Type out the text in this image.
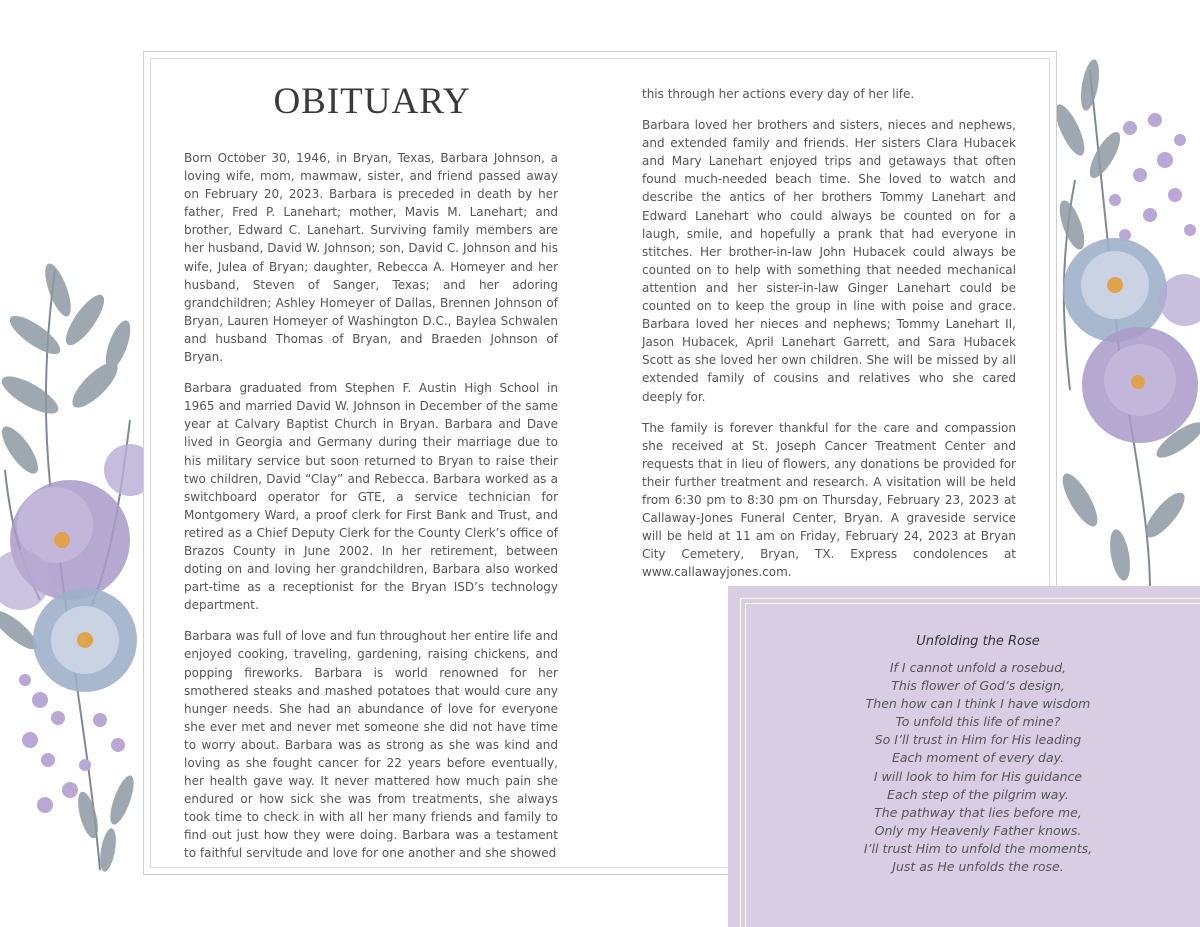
OBITUARY

Born October 30, 1946, in Bryan, Texas, Barbara Johnson, a loving wife, mom, mawmaw, sister, and friend passed away on February 20, 2023. Barbara is preceded in death by her father, Fred P. Lanehart; mother, Mavis M. Lanehart; and brother, Edward C. Lanehart. Surviving family members are her husband, David W. Johnson; son, David C. Johnson and his wife, Julea of Bryan; daughter, Rebecca A. Homeyer and her husband, Steven of Sanger, Texas; and her adoring grandchildren; Ashley Homeyer of Dallas, Brennen Johnson of Bryan, Lauren Homeyer of Washington D.C., Baylea Schwalen and husband Thomas of Bryan, and Braeden Johnson of Bryan.

Barbara graduated from Stephen F. Austin High School in 1965 and married David W. Johnson in December of the same year at Calvary Baptist Church in Bryan. Barbara and Dave lived in Georgia and Germany during their marriage due to his military service but soon returned to Bryan to raise their two children, David “Clay” and Rebecca. Barbara worked as a switchboard operator for GTE, a service technician for Montgomery Ward, a proof clerk for First Bank and Trust, and retired as a Chief Deputy Clerk for the County Clerk’s office of Brazos County in June 2002. In her retirement, between doting on and loving her grandchildren, Barbara also worked part-time as a receptionist for the Bryan ISD’s technology department.

Barbara was full of love and fun throughout her entire life and enjoyed cooking, traveling, gardening, raising chickens, and popping fireworks. Barbara is world renowned for her smothered steaks and mashed potatoes that would cure any hunger needs. She had an abundance of love for everyone she ever met and never met someone she did not have time to worry about. Barbara was as strong as she was kind and loving as she fought cancer for 22 years before eventually, her health gave way. It never mattered how much pain she endured or how sick she was from treatments, she always took time to check in with all her many friends and family to find out just how they were doing. Barbara was a testament to faithful servitude and love for one another and she showed

this through her actions every day of her life.

Barbara loved her brothers and sisters, nieces and nephews, and extended family and friends. Her sisters Clara Hubacek and Mary Lanehart enjoyed trips and getaways that often found much-needed beach time. She loved to watch and describe the antics of her brothers Tommy Lanehart and Edward Lanehart who could always be counted on for a laugh, smile, and hopefully a prank that had everyone in stitches. Her brother-in-law John Hubacek could always be counted on to help with something that needed mechanical attention and her sister-in-law Ginger Lanehart could be counted on to keep the group in line with poise and grace. Barbara loved her nieces and nephews; Tommy Lanehart II, Jason Hubacek, April Lanehart Garrett, and Sara Hubacek Scott as she loved her own children. She will be missed by all extended family of cousins and relatives who she cared deeply for.

The family is forever thankful for the care and compassion she received at St. Joseph Cancer Treatment Center and requests that in lieu of flowers, any donations be provided for their further treatment and research. A visitation will be held from 6:30 pm to 8:30 pm on Thursday, February 23, 2023 at Callaway-Jones Funeral Center, Bryan. A graveside service will be held at 11 am on Friday, February 24, 2023 at Bryan City Cemetery, Bryan, TX. Express condolences at www.callawayjones.com.

Unfolding the Rose
If I cannot unfold a rosebud,
This flower of God’s design,
Then how can I think I have wisdom
To unfold this life of mine?
So I’ll trust in Him for His leading
Each moment of every day.
I will look to him for His guidance
Each step of the pilgrim way.
The pathway that lies before me,
Only my Heavenly Father knows.
I’ll trust Him to unfold the moments,
Just as He unfolds the rose.
